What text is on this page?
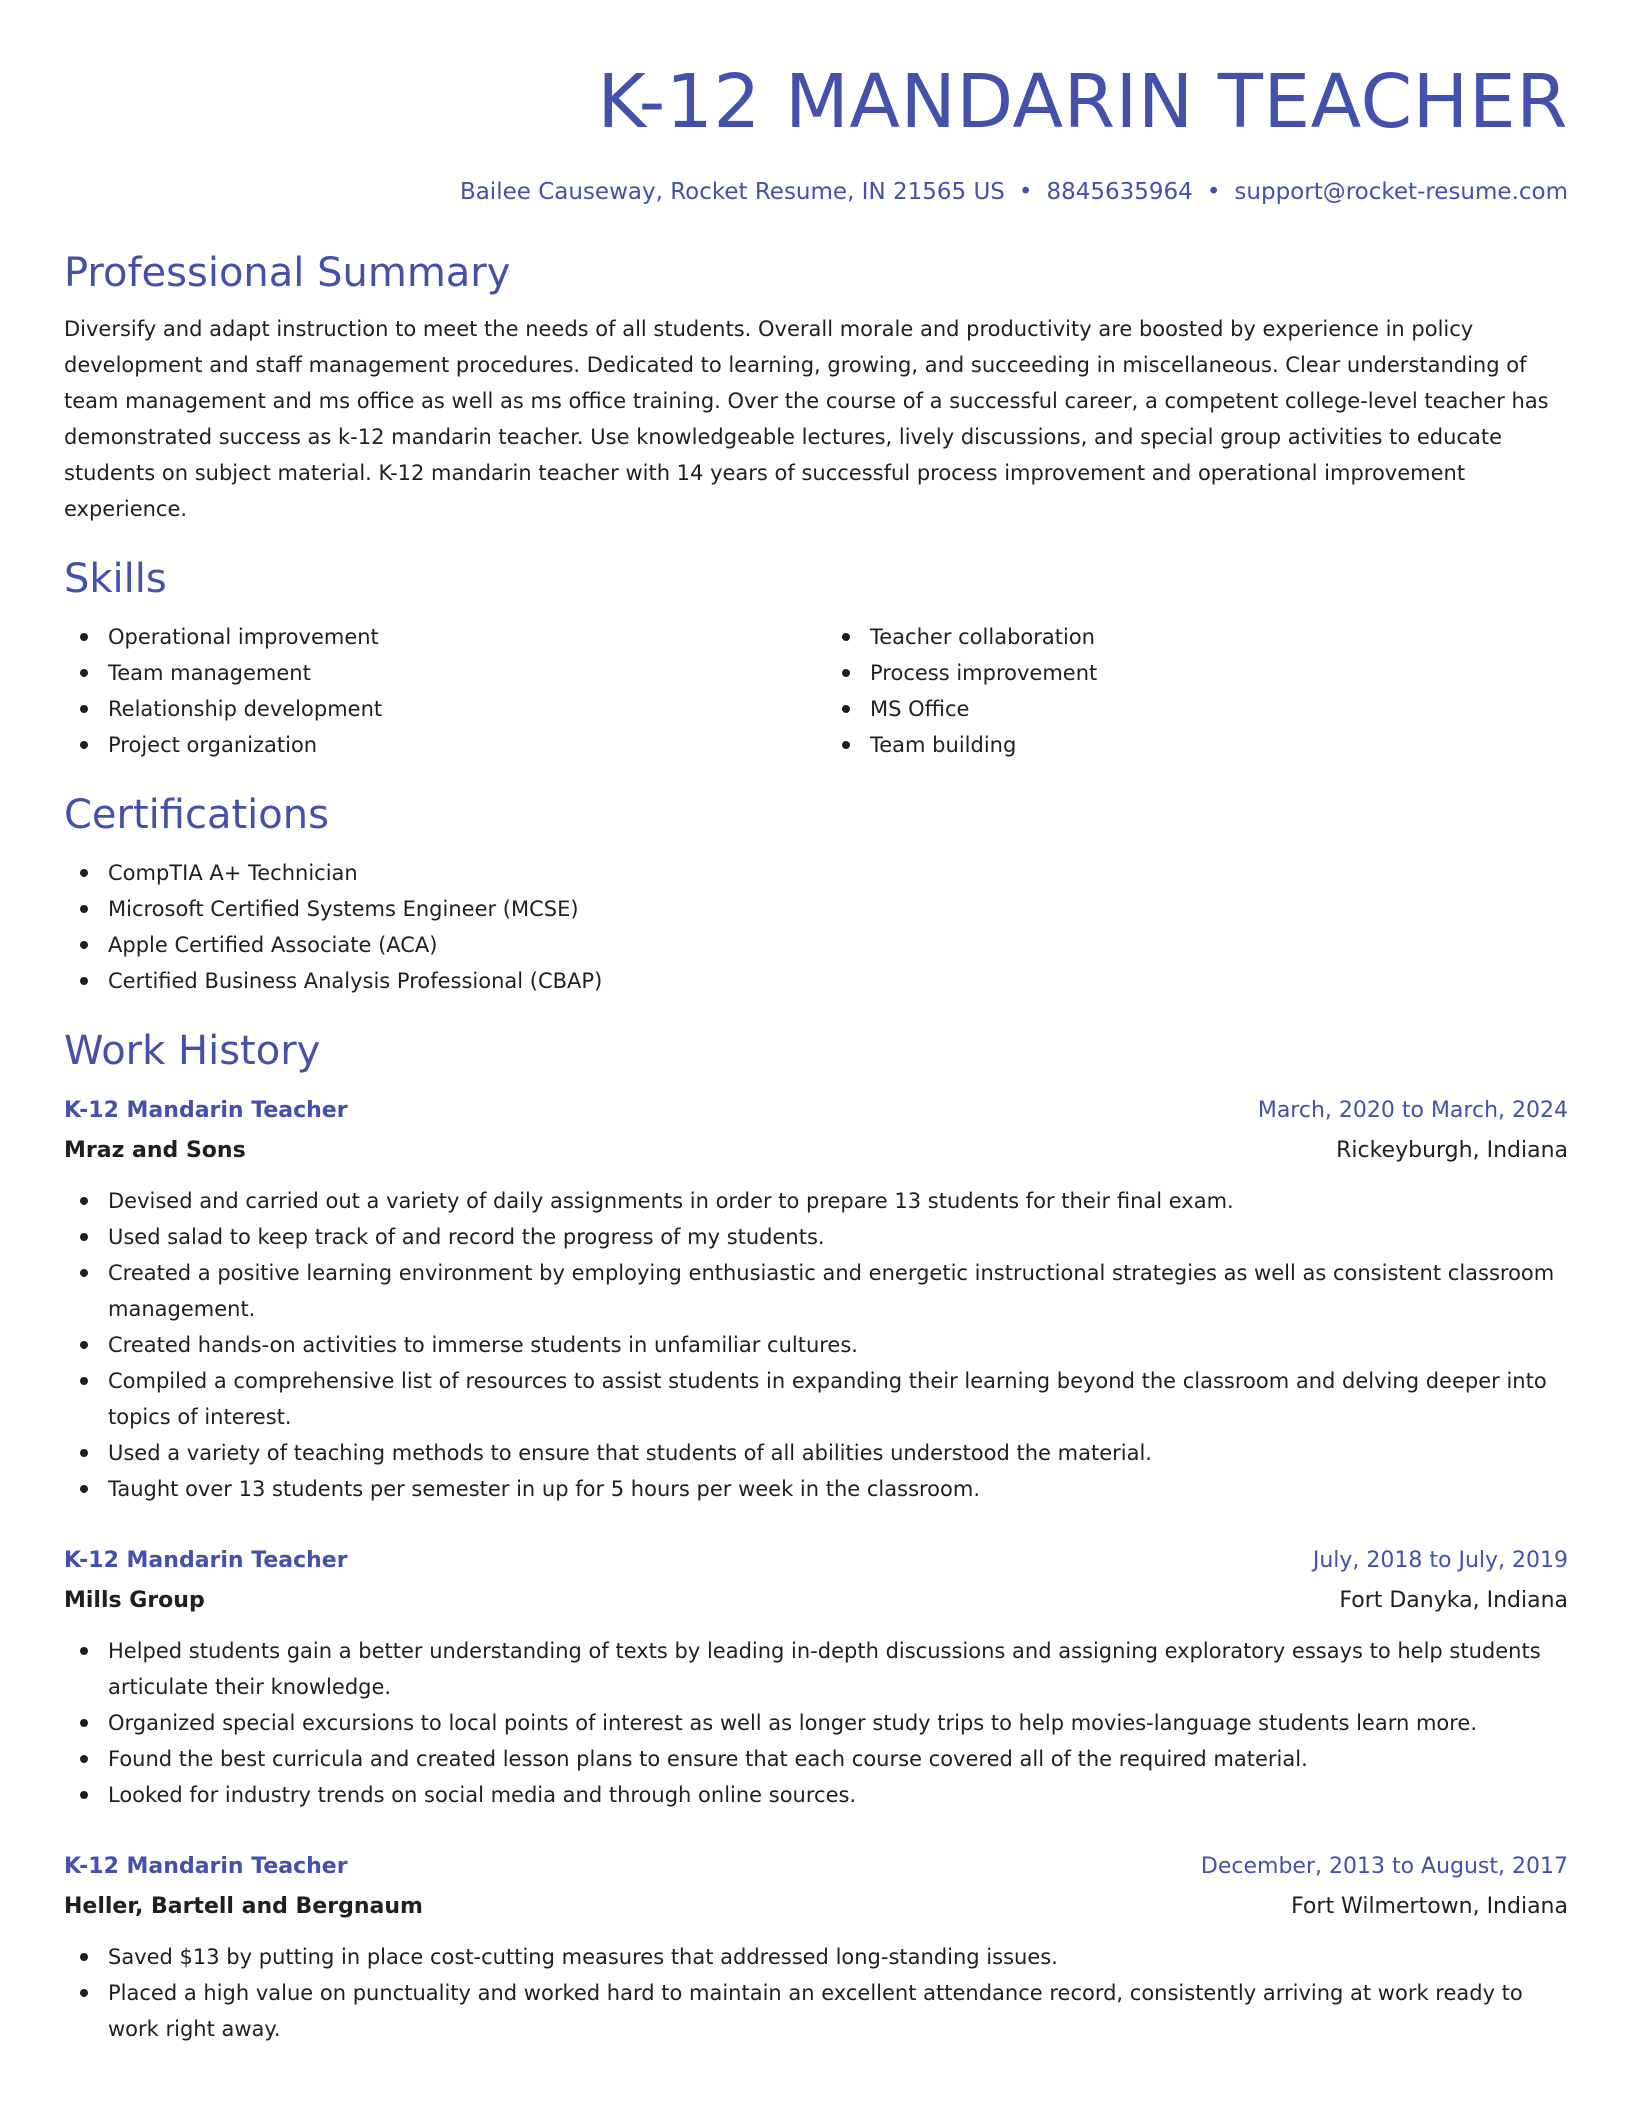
K-12 MANDARIN TEACHER
Bailee Causeway, Rocket Resume, IN 21565 US • 8845635964 • support@rocket-resume.com
Professional Summary

Diversify and adapt instruction to meet the needs of all students. Overall morale and productivity are boosted by experience in policy development and staff management procedures. Dedicated to learning, growing, and succeeding in miscellaneous. Clear understanding of team management and ms office as well as ms office training. Over the course of a successful career, a competent college-level teacher has demonstrated success as k-12 mandarin teacher. Use knowledgeable lectures, lively discussions, and special group activities to educate students on subject material. K-12 mandarin teacher with 14 years of successful process improvement and operational improvement experience.

Skills
Operational improvement
Team management
Relationship development
Project organization
Teacher collaboration
Process improvement
MS Office
Team building
Certifications
CompTIA A+ Technician
Microsoft Certified Systems Engineer (MCSE)
Apple Certified Associate (ACA)
Certified Business Analysis Professional (CBAP)
Work History
K-12 Mandarin Teacher	March, 2020 to March, 2024
Mraz and Sons	Rickeyburgh, Indiana
Devised and carried out a variety of daily assignments in order to prepare 13 students for their final exam.
Used salad to keep track of and record the progress of my students.
Created a positive learning environment by employing enthusiastic and energetic instructional strategies as well as consistent classroom management.
Created hands-on activities to immerse students in unfamiliar cultures.
Compiled a comprehensive list of resources to assist students in expanding their learning beyond the classroom and delving deeper into topics of interest.
Used a variety of teaching methods to ensure that students of all abilities understood the material.
Taught over 13 students per semester in up for 5 hours per week in the classroom.
K-12 Mandarin Teacher	July, 2018 to July, 2019
Mills Group	Fort Danyka, Indiana
Helped students gain a better understanding of texts by leading in-depth discussions and assigning exploratory essays to help students articulate their knowledge.
Organized special excursions to local points of interest as well as longer study trips to help movies-language students learn more.
Found the best curricula and created lesson plans to ensure that each course covered all of the required material.
Looked for industry trends on social media and through online sources.
K-12 Mandarin Teacher	December, 2013 to August, 2017
Heller, Bartell and Bergnaum	Fort Wilmertown, Indiana
Saved $13 by putting in place cost-cutting measures that addressed long-standing issues.
Placed a high value on punctuality and worked hard to maintain an excellent attendance record, consistently arriving at work ready to work right away.
